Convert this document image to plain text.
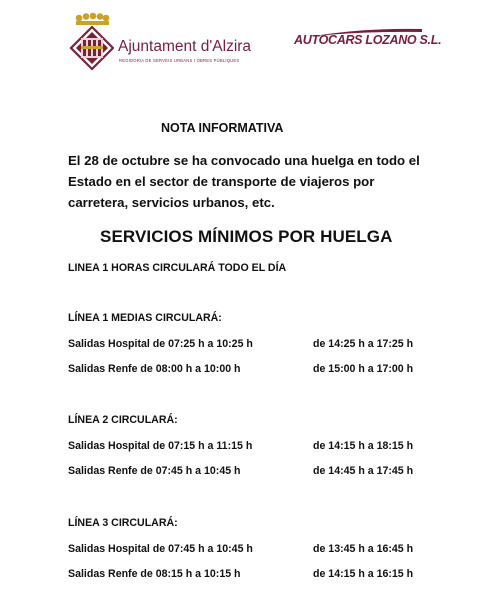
Ajuntament d'Alzira
REGIDORIA DE SERVEIS URBANS I OBRES PÚBLIQUES
AUTOCARS LOZANO S.L.
NOTA INFORMATIVA
El 28 de octubre se ha convocado una huelga en todo el Estado en el sector de transporte de viajeros por carretera, servicios urbanos, etc.
SERVICIOS MÍNIMOS POR HUELGA
LINEA 1 HORAS CIRCULARÁ TODO EL DÍA
LÍNEA 1 MEDIAS CIRCULARÁ:
Salidas Hospital de 07:25 h a 10:25 h	de 14:25 h a 17:25 h
Salidas Renfe de 08:00 h a 10:00 h	de 15:00 h a 17:00 h
LÍNEA 2 CIRCULARÁ:
Salidas Hospital de 07:15 h a 11:15 h	de 14:15 h a 18:15 h
Salidas Renfe de 07:45 h a 10:45 h	de 14:45 h a 17:45 h
LÍNEA 3 CIRCULARÁ:
Salidas Hospital de 07:45 h a 10:45 h	de 13:45 h a 16:45 h
Salidas Renfe de 08:15 h a 10:15 h	de 14:15 h a 16:15 h
